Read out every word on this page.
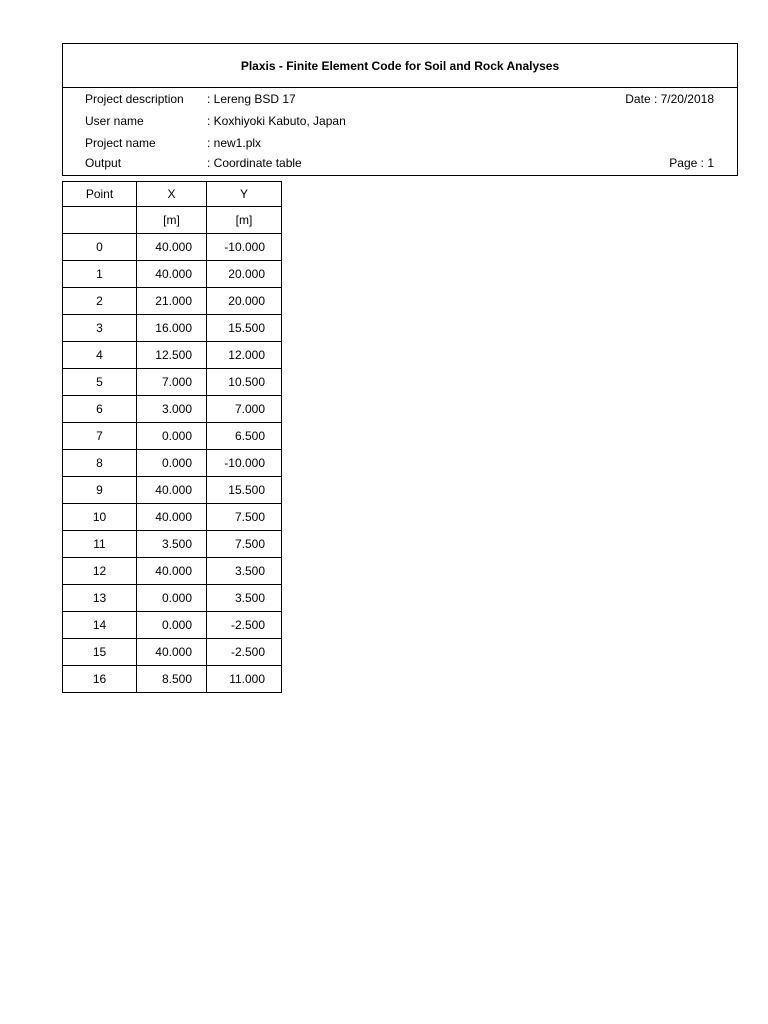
Plaxis - Finite Element Code for Soil and Rock Analyses
Project description : Lereng BSD 17	Date : 7/20/2018
User name	: Koxhiyoki Kabuto, Japan
Project name	: new1.plx
Output	: Coordinate table	Page : 1
Point	X	Y
	[m]	[m]
0	40.000	-10.000
1	40.000	20.000
2	21.000	20.000
3	16.000	15.500
4	12.500	12.000
5	7.000	10.500
6	3.000	7.000
7	0.000	6.500
8	0.000	-10.000
9	40.000	15.500
10	40.000	7.500
11	3.500	7.500
12	40.000	3.500
13	0.000	3.500
14	0.000	-2.500
15	40.000	-2.500
16	8.500	11.000
